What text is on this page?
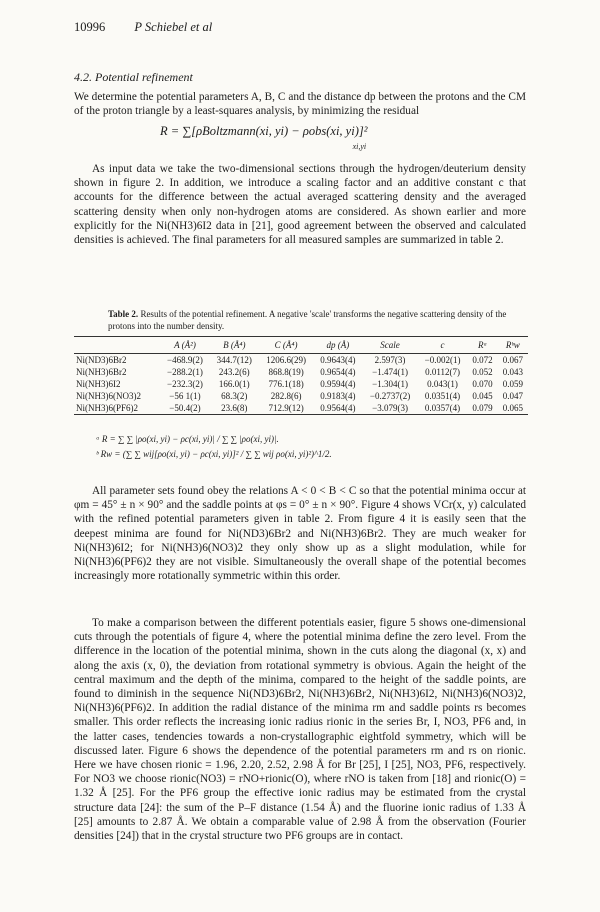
10996 P Schiebel et al
4.2. Potential refinement

We determine the potential parameters A, B, C and the distance dp between the protons and the CM of the proton triangle by a least-squares analysis, by minimizing the residual

R = ∑[ρBoltzmann(xi, yi) − ρobs(xi, yi)]² $_{xi,yi}$

As input data we take the two-dimensional sections through the hydrogen/deuterium density shown in figure 2. In addition, we introduce a scaling factor and an additive constant c that accounts for the difference between the actual averaged scattering density and the averaged scattering density when only non-hydrogen atoms are considered. As shown earlier and more explicitly for the Ni(NH3)6I2 data in [21], good agreement between the observed and calculated densities is achieved. The final parameters for all measured samples are summarized in table 2.

Table 2. Results of the potential refinement. A negative 'scale' transforms the negative scattering density of the protons into the number density.

	A (Å²)	B (Å⁴)	C (Å⁴)	dp (Å)	Scale	c	Rᵃ	Rᵇw
Ni(ND3)6Br2	−468.9(2)	344.7(12)	1206.6(29)	0.9643(4)	2.597(3)	−0.002(1)	0.072	0.067
Ni(NH3)6Br2	−288.2(1)	243.2(6)	868.8(19)	0.9654(4)	−1.474(1)	0.0112(7)	0.052	0.043
Ni(NH3)6I2	−232.3(2)	166.0(1)	776.1(18)	0.9594(4)	−1.304(1)	0.043(1)	0.070	0.059
Ni(NH3)6(NO3)2	−56 1(1)	68.3(2)	282.8(6)	0.9183(4)	−0.2737(2)	0.0351(4)	0.045	0.047
Ni(NH3)6(PF6)2	−50.4(2)	23.6(8)	712.9(12)	0.9564(4)	−3.079(3)	0.0357(4)	0.079	0.065
ᵃ R = ∑ ∑ |ρo(xi, yi) − ρc(xi, yi)| / ∑ ∑ |ρo(xi, yi)|.
ᵇ Rw = (∑ ∑ wij[ρo(xi, yi) − ρc(xi, yi)]² / ∑ ∑ wij ρo(xi, yi)²)^1/2.

All parameter sets found obey the relations A < 0 < B < C so that the potential minima occur at φm = 45° ± n × 90° and the saddle points at φs = 0° ± n × 90°. Figure 4 shows VCr(x, y) calculated with the refined potential parameters given in table 2. From figure 4 it is easily seen that the deepest minima are found for Ni(ND3)6Br2 and Ni(NH3)6Br2. They are much weaker for Ni(NH3)6I2; for Ni(NH3)6(NO3)2 they only show up as a slight modulation, while for Ni(NH3)6(PF6)2 they are not visible. Simultaneously the overall shape of the potential becomes increasingly more rotationally symmetric within this order.

To make a comparison between the different potentials easier, figure 5 shows one-dimensional cuts through the potentials of figure 4, where the potential minima define the zero level. From the difference in the location of the potential minima, shown in the cuts along the diagonal (x, x) and along the axis (x, 0), the deviation from rotational symmetry is obvious. Again the height of the central maximum and the depth of the minima, compared to the height of the saddle points, are found to diminish in the sequence Ni(ND3)6Br2, Ni(NH3)6Br2, Ni(NH3)6I2, Ni(NH3)6(NO3)2, Ni(NH3)6(PF6)2. In addition the radial distance of the minima rm and saddle points rs becomes smaller. This order reflects the increasing ionic radius rionic in the series Br, I, NO3, PF6 and, in the latter cases, tendencies towards a non-crystallographic eightfold symmetry, which will be discussed later. Figure 6 shows the dependence of the potential parameters rm and rs on rionic. Here we have chosen rionic = 1.96, 2.20, 2.52, 2.98 Å for Br [25], I [25], NO3, PF6, respectively. For NO3 we choose rionic(NO3) = rNO+rionic(O), where rNO is taken from [18] and rionic(O) = 1.32 Å [25]. For the PF6 group the effective ionic radius may be estimated from the crystal structure data [24]: the sum of the P–F distance (1.54 Å) and the fluorine ionic radius of 1.33 Å [25] amounts to 2.87 Å. We obtain a comparable value of 2.98 Å from the observation (Fourier densities [24]) that in the crystal structure two PF6 groups are in contact.
